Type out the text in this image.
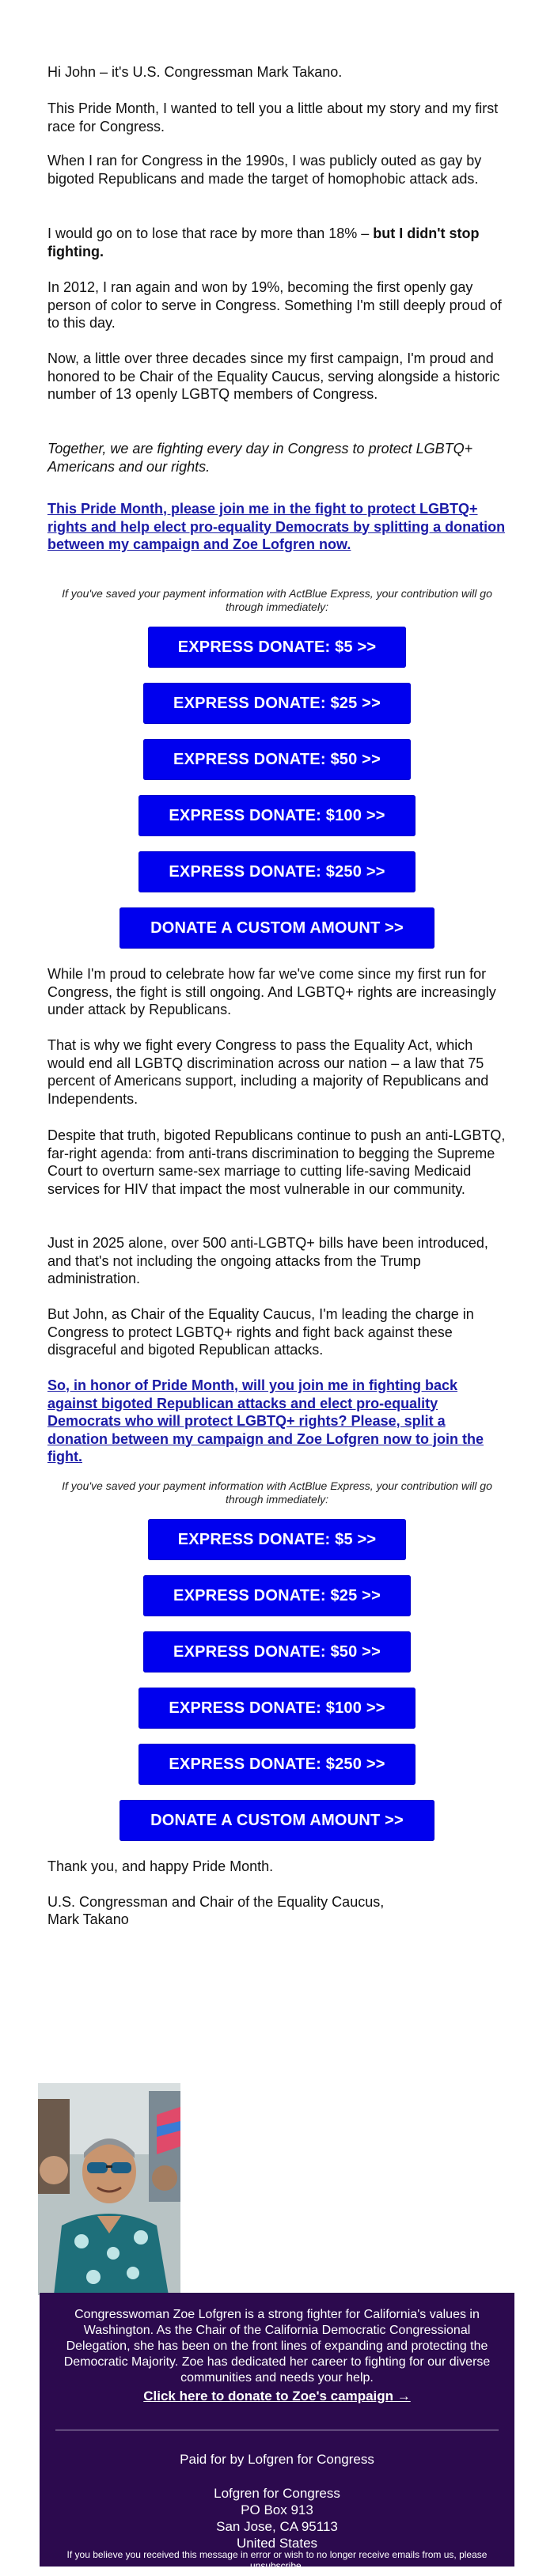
Hi John – it's U.S. Congressman Mark Takano.

This Pride Month, I wanted to tell you a little about my story and my first race for Congress.

When I ran for Congress in the 1990s, I was publicly outed as gay by bigoted Republicans and made the target of homophobic attack ads.

I would go on to lose that race by more than 18% – but I didn't stop fighting.

In 2012, I ran again and won by 19%, becoming the first openly gay person of color to serve in Congress. Something I'm still deeply proud of to this day.

Now, a little over three decades since my first campaign, I'm proud and honored to be Chair of the Equality Caucus, serving alongside a historic number of 13 openly LGBTQ members of Congress.

Together, we are fighting every day in Congress to protect LGBTQ+ Americans and our rights.

This Pride Month, please join me in the fight to protect LGBTQ+ rights and help elect pro-equality Democrats by splitting a donation between my campaign and Zoe Lofgren now.

If you've saved your payment information with ActBlue Express, your contribution will go through immediately:

EXPRESS DONATE: $5 >>
EXPRESS DONATE: $25 >>
EXPRESS DONATE: $50 >>
EXPRESS DONATE: $100 >>
EXPRESS DONATE: $250 >>
DONATE A CUSTOM AMOUNT >>

While I'm proud to celebrate how far we've come since my first run for Congress, the fight is still ongoing. And LGBTQ+ rights are increasingly under attack by Republicans.

That is why we fight every Congress to pass the Equality Act, which would end all LGBTQ discrimination across our nation – a law that 75 percent of Americans support, including a majority of Republicans and Independents.

Despite that truth, bigoted Republicans continue to push an anti-LGBTQ, far-right agenda: from anti-trans discrimination to begging the Supreme Court to overturn same-sex marriage to cutting life-saving Medicaid services for HIV that impact the most vulnerable in our community.

Just in 2025 alone, over 500 anti-LGBTQ+ bills have been introduced, and that's not including the ongoing attacks from the Trump administration.

But John, as Chair of the Equality Caucus, I'm leading the charge in Congress to protect LGBTQ+ rights and fight back against these disgraceful and bigoted Republican attacks.

So, in honor of Pride Month, will you join me in fighting back against bigoted Republican attacks and elect pro-equality Democrats who will protect LGBTQ+ rights? Please, split a donation between my campaign and Zoe Lofgren now to join the fight.

If you've saved your payment information with ActBlue Express, your contribution will go through immediately:

EXPRESS DONATE: $5 >>
EXPRESS DONATE: $25 >>
EXPRESS DONATE: $50 >>
EXPRESS DONATE: $100 >>
EXPRESS DONATE: $250 >>
DONATE A CUSTOM AMOUNT >>

Thank you, and happy Pride Month.

U.S. Congressman and Chair of the Equality Caucus,

Mark Takano

Congresswoman Zoe Lofgren is a strong fighter for California's values in Washington. As the Chair of the California Democratic Congressional Delegation, she has been on the front lines of expanding and protecting the Democratic Majority. Zoe has dedicated her career to fighting for our diverse communities and needs your help.

Click here to donate to Zoe's campaign →

Paid for by Lofgren for Congress

Lofgren for Congress
PO Box 913
San Jose, CA 95113
United States

If you believe you received this message in error or wish to no longer receive emails from us, please unsubscribe.
